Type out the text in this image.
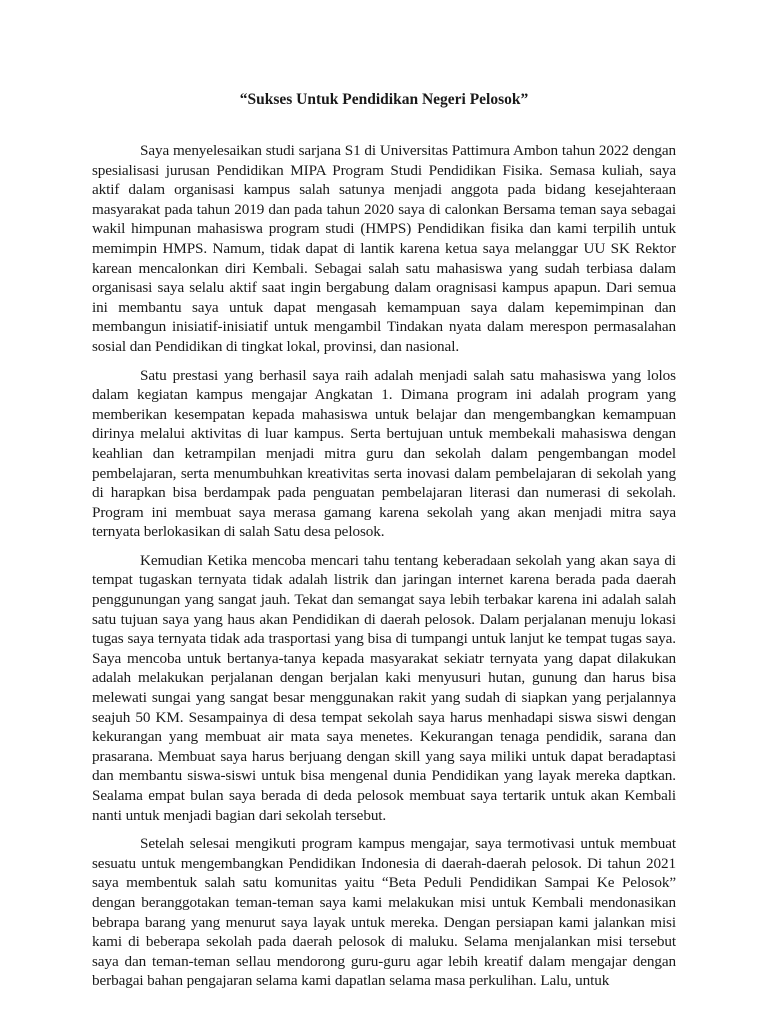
“Sukses Untuk Pendidikan Negeri Pelosok”

Saya menyelesaikan studi sarjana S1 di Universitas Pattimura Ambon tahun 2022 dengan spesialisasi jurusan Pendidikan MIPA Program Studi Pendidikan Fisika. Semasa kuliah, saya aktif dalam organisasi kampus salah satunya menjadi anggota pada bidang kesejahteraan masyarakat pada tahun 2019 dan pada tahun 2020 saya di calonkan Bersama teman saya sebagai wakil himpunan mahasiswa program studi (HMPS) Pendidikan fisika dan kami terpilih untuk memimpin HMPS. Namum, tidak dapat di lantik karena ketua saya melanggar UU SK Rektor karean mencalonkan diri Kembali. Sebagai salah satu mahasiswa yang sudah terbiasa dalam organisasi saya selalu aktif saat ingin bergabung dalam oragnisasi kampus apapun. Dari semua ini membantu saya untuk dapat mengasah kemampuan saya dalam kepemimpinan dan membangun inisiatif-inisiatif untuk mengambil Tindakan nyata dalam merespon permasalahan sosial dan Pendidikan di tingkat lokal, provinsi, dan nasional.

Satu prestasi yang berhasil saya raih adalah menjadi salah satu mahasiswa yang lolos dalam kegiatan kampus mengajar Angkatan 1. Dimana program ini adalah program yang memberikan kesempatan kepada mahasiswa untuk belajar dan mengembangkan kemampuan dirinya melalui aktivitas di luar kampus. Serta bertujuan untuk membekali mahasiswa dengan keahlian dan ketrampilan menjadi mitra guru dan sekolah dalam pengembangan model pembelajaran, serta menumbuhkan kreativitas serta inovasi dalam pembelajaran di sekolah yang di harapkan bisa berdampak pada penguatan pembelajaran literasi dan numerasi di sekolah. Program ini membuat saya merasa gamang karena sekolah yang akan menjadi mitra saya ternyata berlokasikan di salah Satu desa pelosok.

Kemudian Ketika mencoba mencari tahu tentang keberadaan sekolah yang akan saya di tempat tugaskan ternyata tidak adalah listrik dan jaringan internet karena berada pada daerah penggunungan yang sangat jauh. Tekat dan semangat saya lebih terbakar karena ini adalah salah satu tujuan saya yang haus akan Pendidikan di daerah pelosok. Dalam perjalanan menuju lokasi tugas saya ternyata tidak ada trasportasi yang bisa di tumpangi untuk lanjut ke tempat tugas saya. Saya mencoba untuk bertanya-tanya kepada masyarakat sekiatr ternyata yang dapat dilakukan adalah melakukan perjalanan dengan berjalan kaki menyusuri hutan, gunung dan harus bisa melewati sungai yang sangat besar menggunakan rakit yang sudah di siapkan yang perjalannya seajuh 50 KM. Sesampainya di desa tempat sekolah saya harus menhadapi siswa siswi dengan kekurangan yang membuat air mata saya menetes. Kekurangan tenaga pendidik, sarana dan prasarana. Membuat saya harus berjuang dengan skill yang saya miliki untuk dapat beradaptasi dan membantu siswa-siswi untuk bisa mengenal dunia Pendidikan yang layak mereka daptkan. Sealama empat bulan saya berada di deda pelosok membuat saya tertarik untuk akan Kembali nanti untuk menjadi bagian dari sekolah tersebut.

Setelah selesai mengikuti program kampus mengajar, saya termotivasi untuk membuat sesuatu untuk mengembangkan Pendidikan Indonesia di daerah-daerah pelosok. Di tahun 2021 saya membentuk salah satu komunitas yaitu “Beta Peduli Pendidikan Sampai Ke Pelosok” dengan beranggotakan teman-teman saya kami melakukan misi untuk Kembali mendonasikan bebrapa barang yang menurut saya layak untuk mereka. Dengan persiapan kami jalankan misi kami di beberapa sekolah pada daerah pelosok di maluku. Selama menjalankan misi tersebut saya dan teman-teman sellau mendorong guru-guru agar lebih kreatif dalam mengajar dengan berbagai bahan pengajaran selama kami dapatlan selama masa perkulihan. Lalu, untuk
